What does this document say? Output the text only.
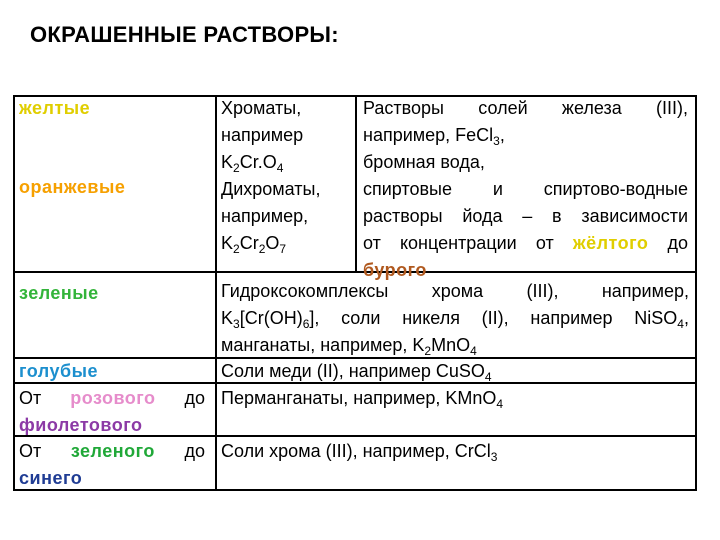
ОКРАШЕННЫЕ РАСТВОРЫ:
желтые
оранжевые
зеленые
голубые
От розового до
фиолетового
От зеленого до
синего
Хроматы,
например
$K_2Cr.O_4$
Дихроматы,
например,
$K_2Cr_2O_7$
Растворы солей железа (III),
например, FeCl$_3$,
бромная вода,
спиртовые и спиртово-водные
растворы йода – в зависимости
от концентрации от жёлтого до
бурого
Гидроксокомплексы хрома (III), например,
$K_3[Cr(OH)_6]$, соли никеля (II), например NiSO$_4$,
манганаты, например, $K_2MnO_4$
Соли меди (II), например CuSO$_4$
Перманганаты, например, KMnO$_4$
Соли хрома (III), например, CrCl$_3$
